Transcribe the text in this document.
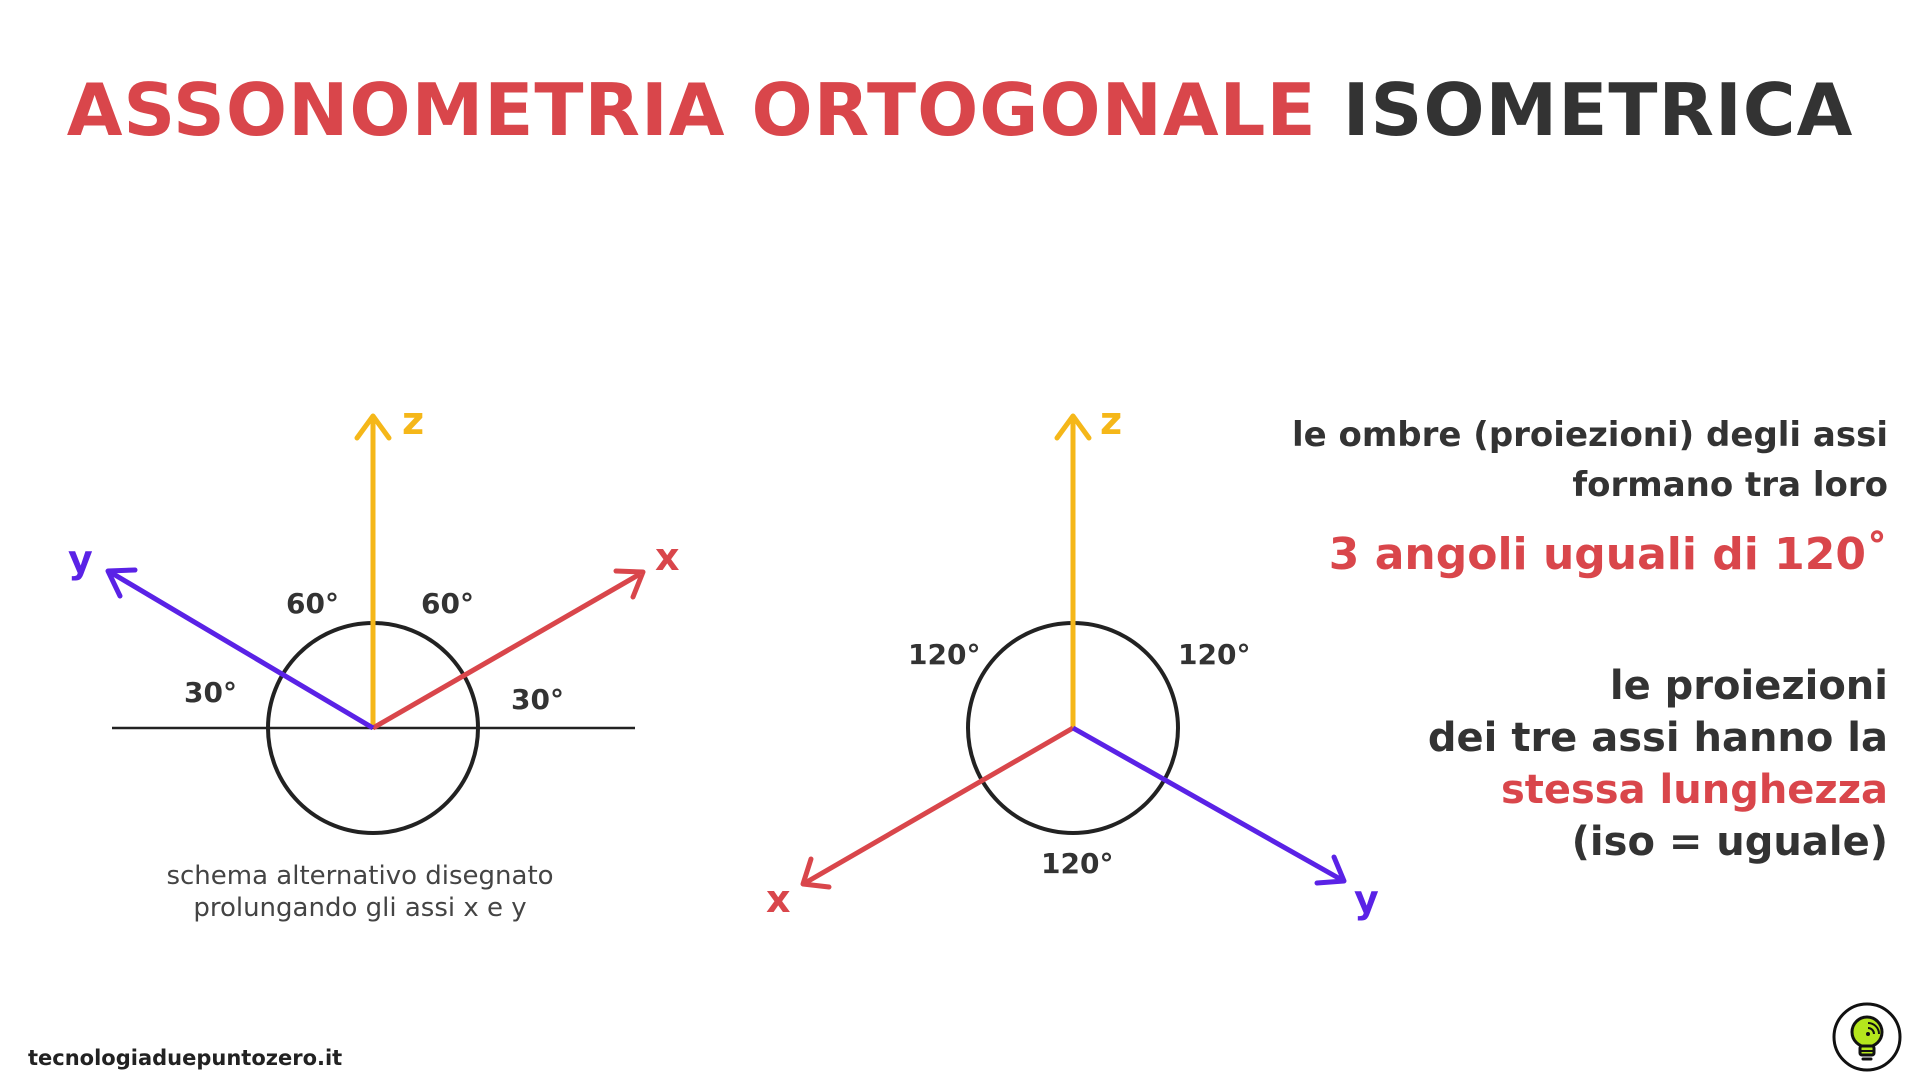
ASSONOMETRIA ORTOGONALE ISOMETRICA
z
x
y
60°	60°
30°	30°
z
x	y
120°	120°
120°
schema alternativo disegnato
prolungando gli assi x e y
le ombre (proiezioni) degli assi
formano tra loro
3 angoli uguali di 120˚
le proiezioni
dei tre assi hanno la
stessa lunghezza
(iso = uguale)
tecnologiaduepuntozero.it
